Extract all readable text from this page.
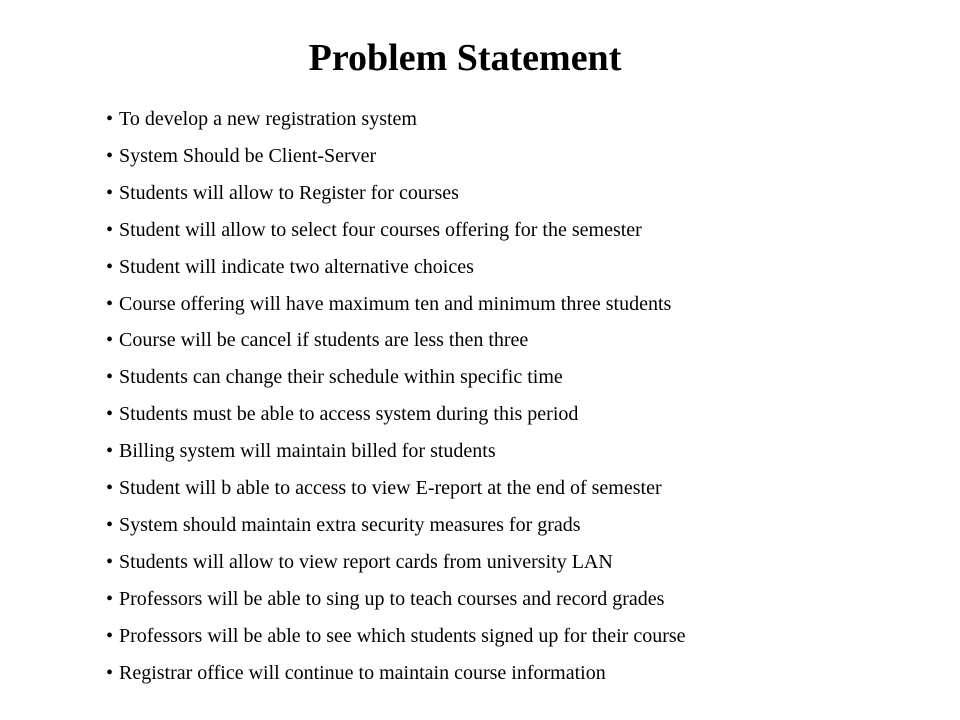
Problem Statement
• To develop a new registration system
• System Should be Client-Server
• Students will allow to Register for courses
• Student will allow to select four courses offering for the semester
• Student will indicate two alternative choices
• Course offering will have maximum ten and minimum three students
• Course will be cancel if students are less then three
• Students can change their schedule within specific time
• Students must be able to access system during this period
• Billing system will maintain billed for students
• Student will b able to access to view E-report at the end of semester
• System should maintain extra security measures for grads
• Students will allow to view report cards from university LAN
• Professors will be able to sing up to teach courses and record grades
• Professors will be able to see which students signed up for their course
• Registrar office will continue to maintain course information
